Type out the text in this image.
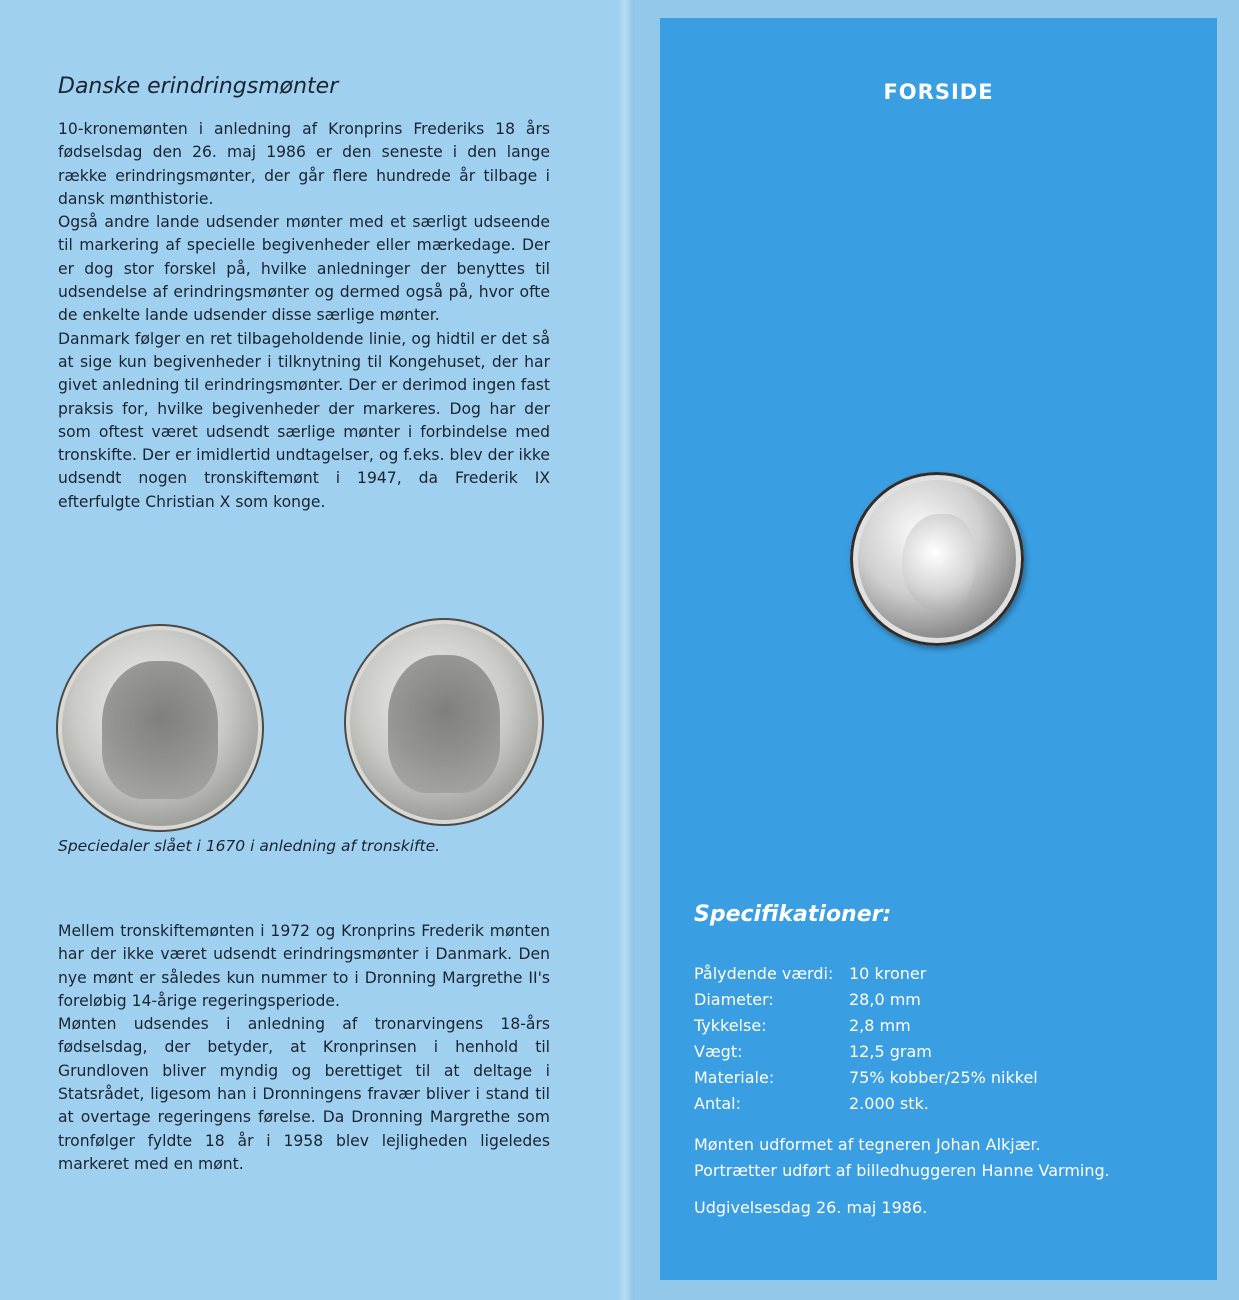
Danske erindringsmønter

10-kronemønten i anledning af Kronprins Frederiks 18 års fødselsdag den 26. maj 1986 er den seneste i den lange række erindringsmønter, der går flere hundrede år tilbage i dansk mønthistorie.

Også andre lande udsender mønter med et særligt udseende til markering af specielle begivenheder eller mærkedage. Der er dog stor forskel på, hvilke anledninger der benyttes til udsendelse af erindringsmønter og dermed også på, hvor ofte de enkelte lande udsender disse særlige mønter.

Danmark følger en ret tilbageholdende linie, og hidtil er det så at sige kun begivenheder i tilknytning til Kongehuset, der har givet anledning til erindringsmønter. Der er derimod ingen fast praksis for, hvilke begivenheder der markeres. Dog har der som oftest været udsendt særlige mønter i forbindelse med tronskifte. Der er imidlertid undtagelser, og f.eks. blev der ikke udsendt nogen tronskiftemønt i 1947, da Frederik IX efterfulgte Christian X som konge.

Speciedaler slået i 1670 i anledning af tronskifte.

Mellem tronskiftemønten i 1972 og Kronprins Frederik mønten har der ikke været udsendt erindringsmønter i Danmark. Den nye mønt er således kun nummer to i Dronning Margrethe II's foreløbig 14-årige regeringsperiode.

Mønten udsendes i anledning af tronarvingens 18-års fødselsdag, der betyder, at Kronprinsen i henhold til Grundloven bliver myndig og berettiget til at deltage i Statsrådet, ligesom han i Dronningens fravær bliver i stand til at overtage regeringens førelse. Da Dronning Margrethe som tronfølger fyldte 18 år i 1958 blev lejligheden ligeledes markeret med en mønt.

FORSIDE
Specifikationer:
Pålydende værdi: 10 kroner
Diameter:	28,0 mm
Tykkelse:	2,8 mm
Vægt:	12,5 gram
Materiale:	75% kobber/25% nikkel
Antal:	2.000 stk.
Mønten udformet af tegneren Johan Alkjær.
Portrætter udført af billedhuggeren Hanne Varming.

Udgivelsesdag 26. maj 1986.
